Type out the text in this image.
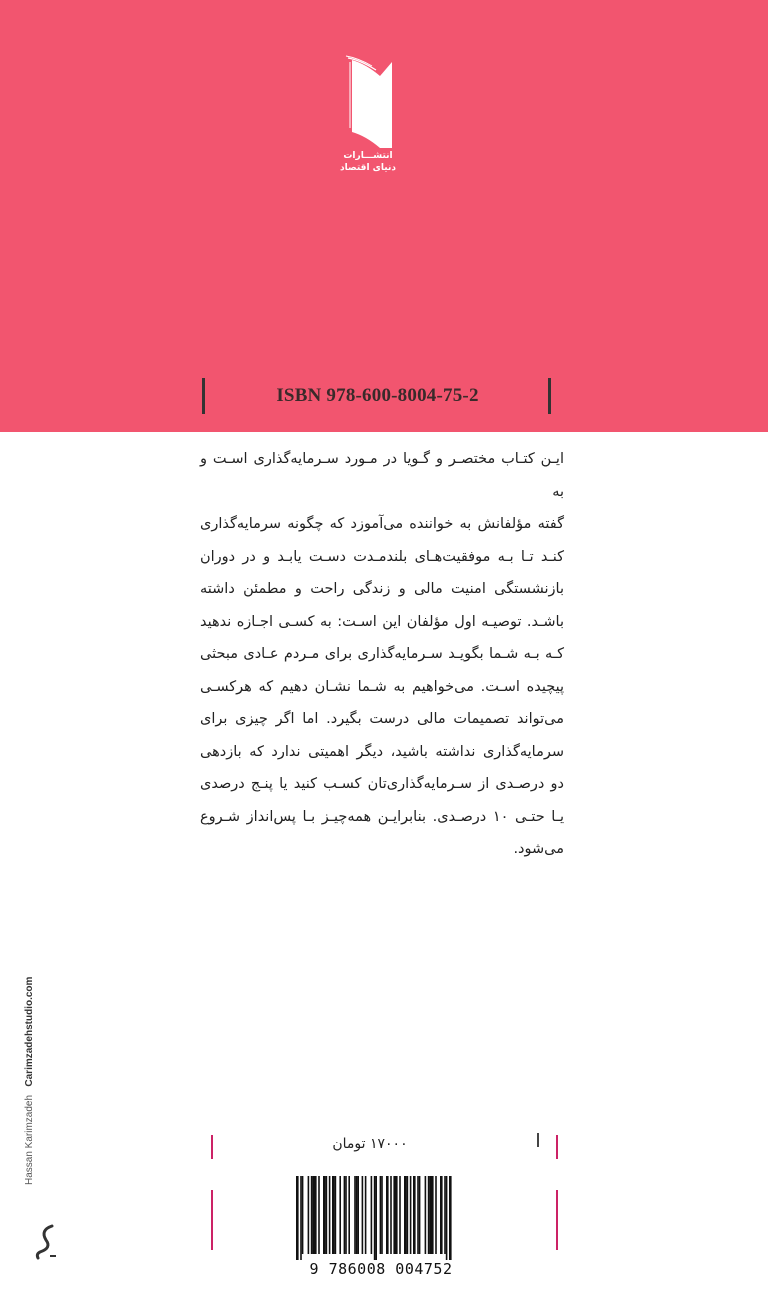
انتشـــارات
دنیای اقتصاد
ISBN 978-600-8004-75-2
ایـن کتـاب مختصـر و گـویا در مـورد سـرمایه‌گذاری اسـت و به
گفته مؤلفانش به خواننده می‌آموزد که چگونه سرمایه‌گذاری
کنـد تـا بـه موفقیت‌هـای بلندمـدت دسـت یابـد و در دوران
بازنشستگی امنیت مالی و زندگی راحت و مطمئن داشته
باشـد. توصیـه اول مؤلفان این اسـت: به کسـی اجـازه ندهید
کـه بـه شـما بگویـد سـرمایه‌گذاری برای مـردم عـادی مبحثی
پیچیده اسـت. می‌خواهیم به شـما نشـان دهیم که هرکسـی
می‌تواند تصمیمات مالی درست بگیرد. اما اگر چیزی برای
سرمایه‌گذاری نداشته باشید، دیگر اهمیتی ندارد که بازدهی
دو درصـدی از سـرمایه‌گذاری‌تان کسـب کنید یا پنـج درصدی
یـا حتـی ۱۰ درصـدی. بنابرایـن همه‌چیـز بـا پس‌انداز شـروع
می‌شود.
Hassan Karimzadeh   Carimzadehstudio.com
۱۷۰۰۰ تومان
9 786008 004752
